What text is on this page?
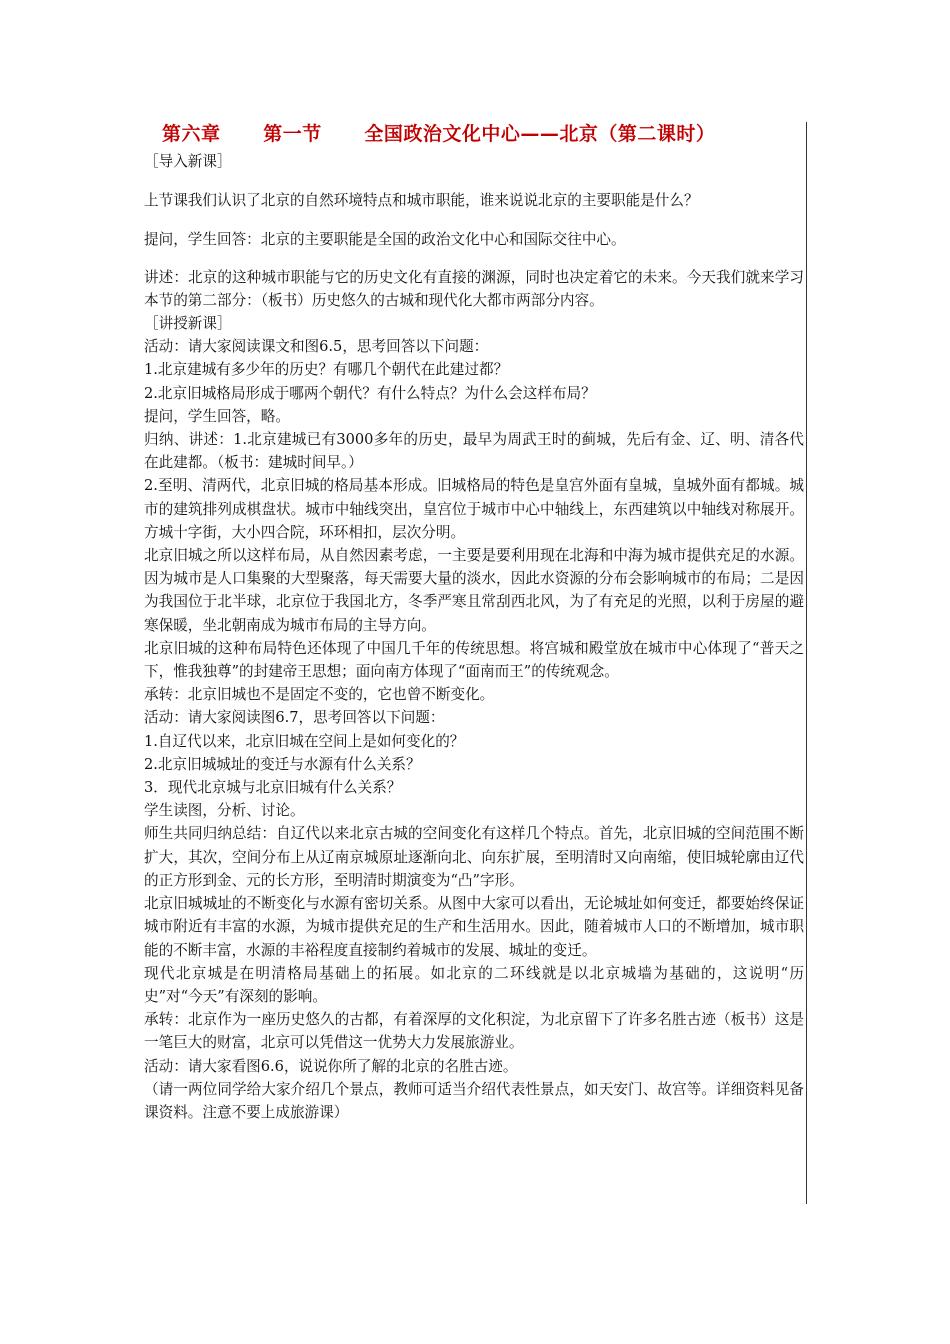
第六章      第一节      全国政治文化中心——北京（第二课时）

［导入新课］

上节课我们认识了北京的自然环境特点和城市职能，谁来说说北京的主要职能是什么？

提问，学生回答：北京的主要职能是全国的政治文化中心和国际交往中心。

讲述：北京的这种城市职能与它的历史文化有直接的渊源，同时也决定着它的未来。今天我们就来学习本节的第二部分：（板书）历史悠久的古城和现代化大都市两部分内容。

［讲授新课］

活动：请大家阅读课文和图6.5，思考回答以下问题：

1.北京建城有多少年的历史？有哪几个朝代在此建过都？

2.北京旧城格局形成于哪两个朝代？有什么特点？为什么会这样布局？

提问，学生回答，略。

归纳、讲述：1.北京建城已有3000多年的历史，最早为周武王时的蓟城，先后有金、辽、明、清各代在此建都。（板书：建城时间早。）

2.至明、清两代，北京旧城的格局基本形成。旧城格局的特色是皇宫外面有皇城，皇城外面有都城。城市的建筑排列成棋盘状。城市中轴线突出，皇宫位于城市中心中轴线上，东西建筑以中轴线对称展开。方城十字街，大小四合院，环环相扣，层次分明。

北京旧城之所以这样布局，从自然因素考虑，一主要是要利用现在北海和中海为城市提供充足的水源。因为城市是人口集聚的大型聚落，每天需要大量的淡水，因此水资源的分布会影响城市的布局；二是因为我国位于北半球，北京位于我国北方，冬季严寒且常刮西北风，为了有充足的光照，以利于房屋的避寒保暖，坐北朝南成为城市布局的主导方向。

北京旧城的这种布局特色还体现了中国几千年的传统思想。将宫城和殿堂放在城市中心体现了“普天之下，惟我独尊”的封建帝王思想；面向南方体现了“面南而王”的传统观念。

承转：北京旧城也不是固定不变的，它也曾不断变化。

活动：请大家阅读图6.7，思考回答以下问题：

1.自辽代以来，北京旧城在空间上是如何变化的？

2.北京旧城城址的变迁与水源有什么关系？

3．现代北京城与北京旧城有什么关系？

学生读图，分析、讨论。

师生共同归纳总结：自辽代以来北京古城的空间变化有这样几个特点。首先，北京旧城的空间范围不断扩大，其次，空间分布上从辽南京城原址逐渐向北、向东扩展，至明清时又向南缩，使旧城轮廓由辽代的正方形到金、元的长方形，至明清时期演变为“凸”字形。

北京旧城城址的不断变化与水源有密切关系。从图中大家可以看出，无论城址如何变迁，都要始终保证城市附近有丰富的水源，为城市提供充足的生产和生活用水。因此，随着城市人口的不断增加，城市职能的不断丰富，水源的丰裕程度直接制约着城市的发展、城址的变迁。

现代北京城是在明清格局基础上的拓展。如北京的二环线就是以北京城墙为基础的，这说明“历史”对“今天”有深刻的影响。

承转：北京作为一座历史悠久的古都，有着深厚的文化积淀，为北京留下了许多名胜古迹（板书）这是一笔巨大的财富，北京可以凭借这一优势大力发展旅游业。

活动：请大家看图6.6，说说你所了解的北京的名胜古迹。

（请一两位同学给大家介绍几个景点，教师可适当介绍代表性景点，如天安门、故宫等。详细资料见备课资料。注意不要上成旅游课）
